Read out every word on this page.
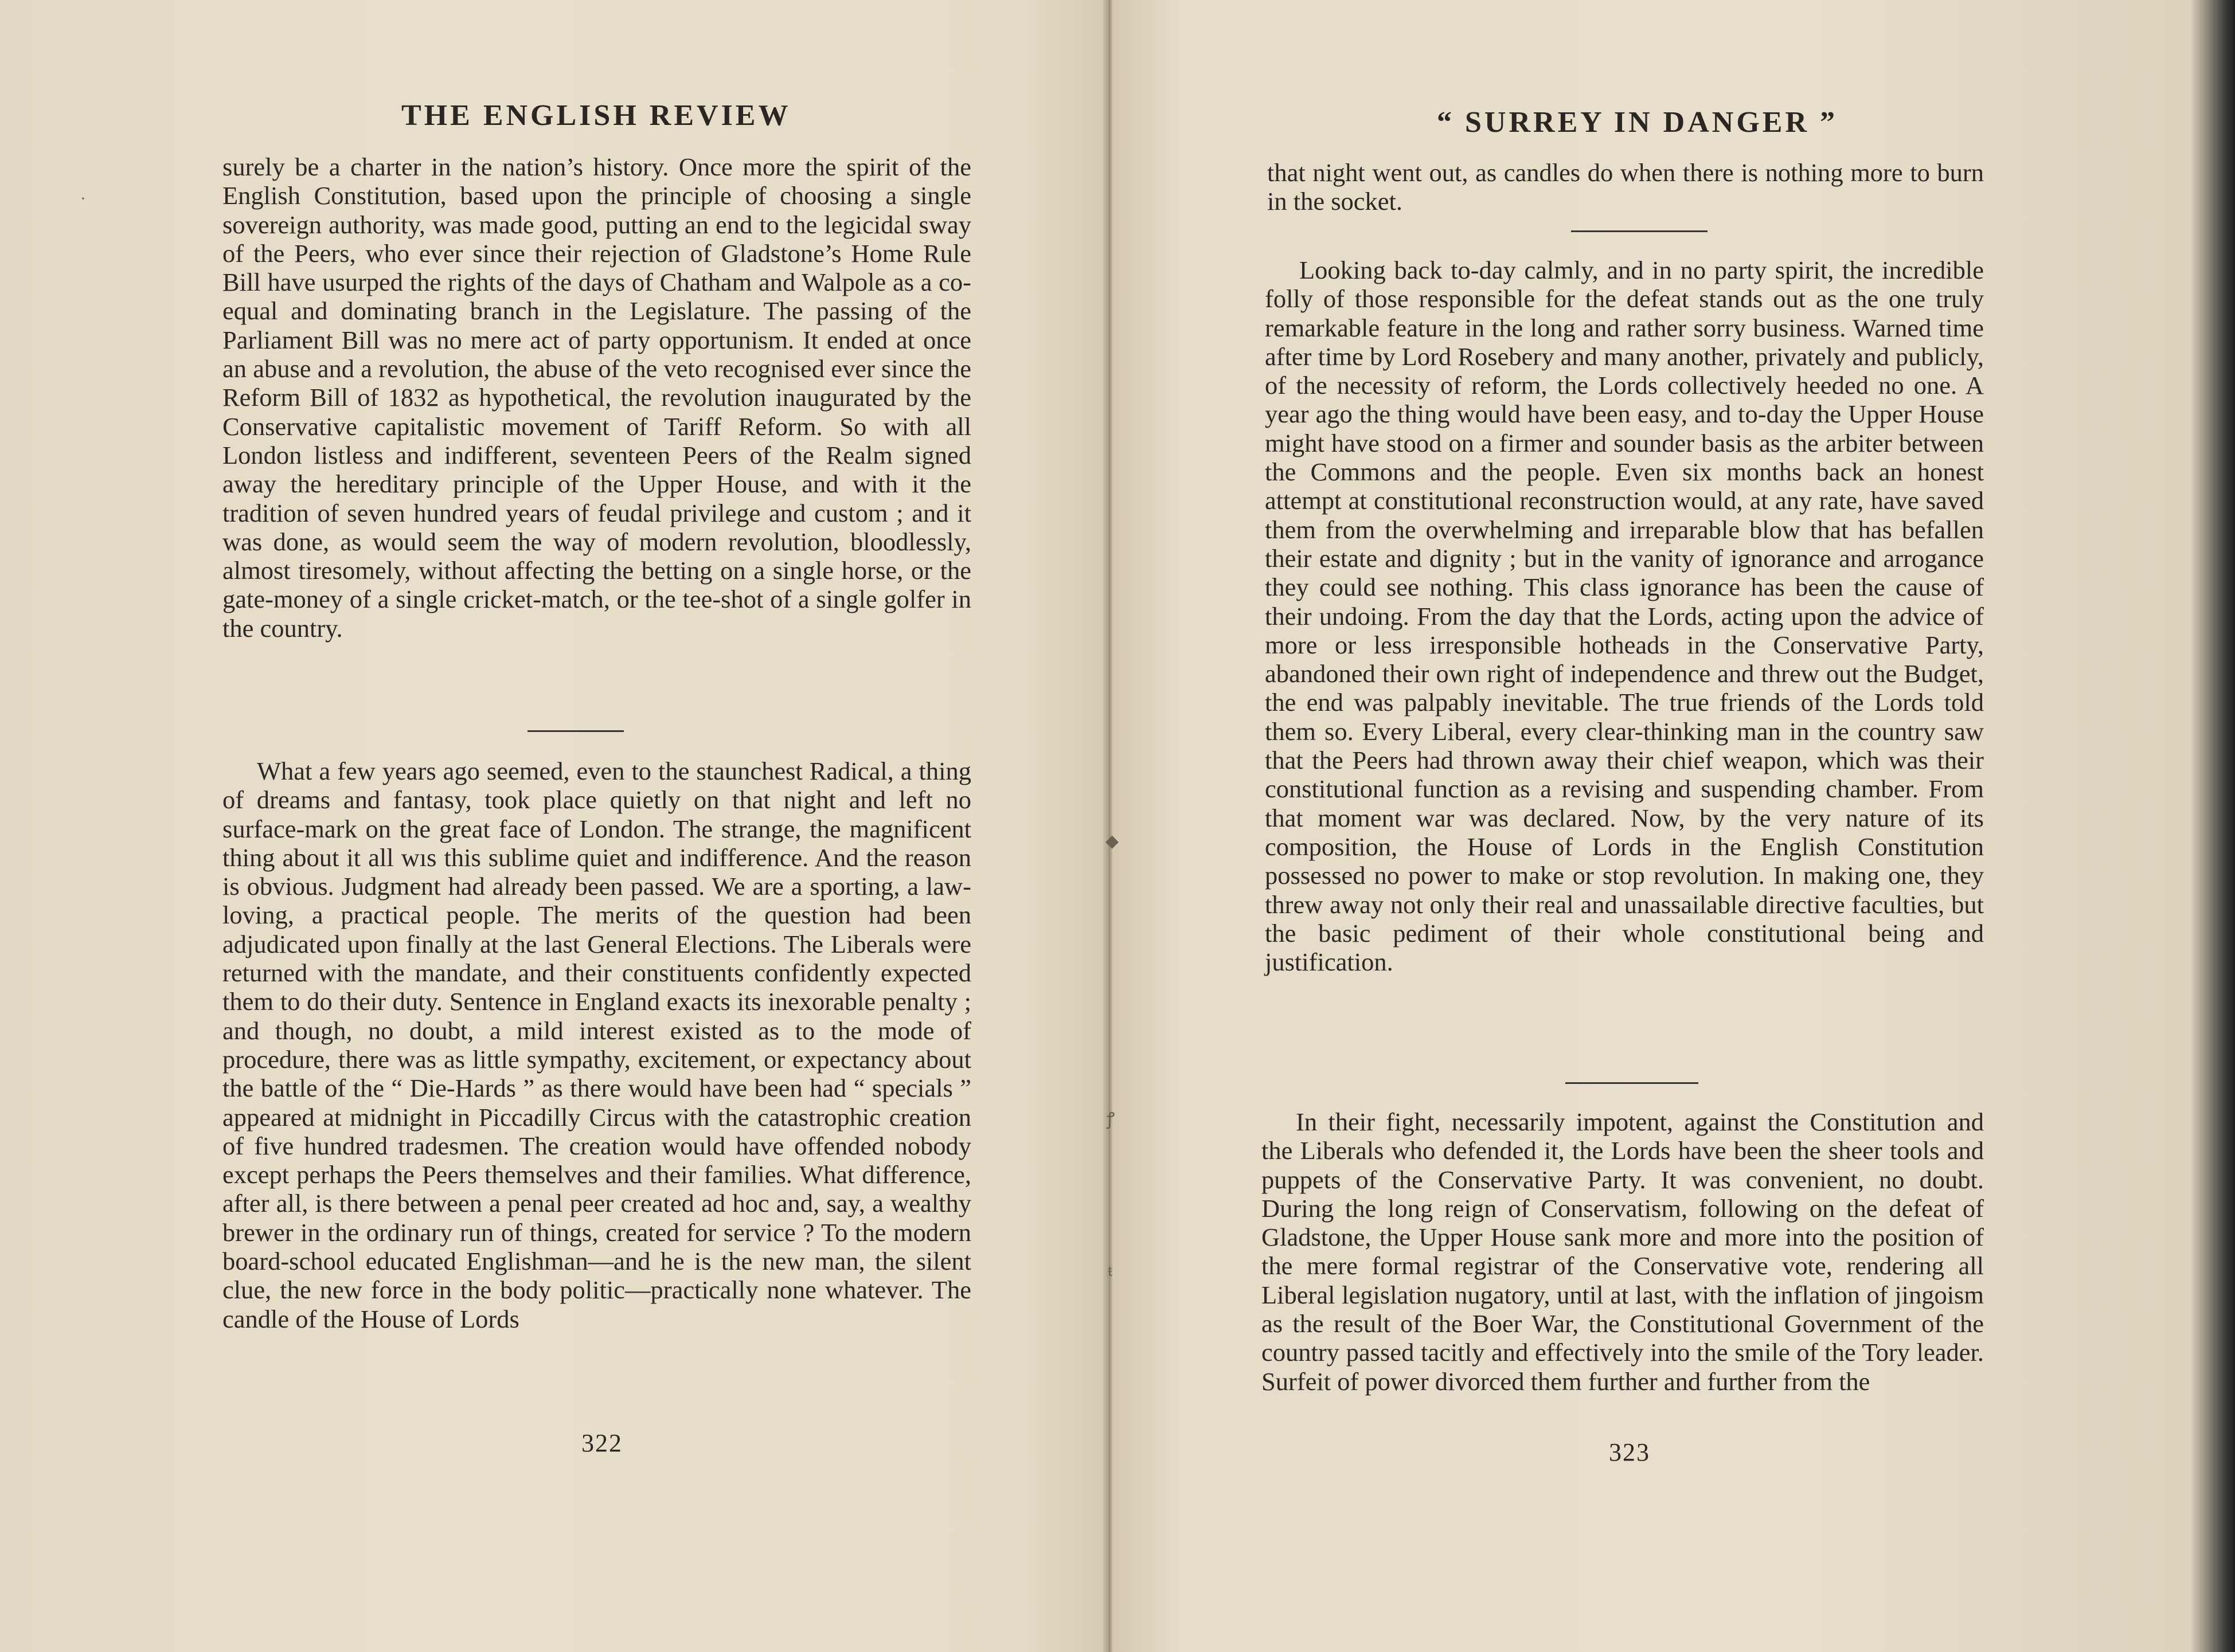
THE ENGLISH REVIEW

surely be a charter in the nation’s history. Once more the spirit of the English Constitution, based upon the principle of choosing a single sovereign authority, was made good, putting an end to the legicidal sway of the Peers, who ever since their rejection of Gladstone’s Home Rule Bill have usurped the rights of the days of Chatham and Walpole as a co-equal and dominating branch in the Legislature. The passing of the Parliament Bill was no mere act of party opportunism. It ended at once an abuse and a revolution, the abuse of the veto recognised ever since the Reform Bill of 1832 as hypothetical, the revolution inaugurated by the Conservative capitalistic movement of Tariff Reform. So with all London listless and indifferent, seventeen Peers of the Realm signed away the hereditary principle of the Upper House, and with it the tradition of seven hundred years of feudal privilege and custom ; and it was done, as would seem the way of modern revolution, bloodlessly, almost tiresomely, without affecting the betting on a single horse, or the gate-money of a single cricket-match, or the tee-shot of a single golfer in the country.

What a few years ago seemed, even to the staunchest Radical, a thing of dreams and fantasy, took place quietly on that night and left no surface-mark on the great face of London. The strange, the magnificent thing about it all wıs this sublime quiet and indifference. And the reason is obvious. Judgment had already been passed. We are a sporting, a law-loving, a practical people. The merits of the question had been adjudicated upon finally at the last General Elections. The Liberals were returned with the mandate, and their constituents confidently expected them to do their duty. Sentence in England exacts its inexorable penalty ; and though, no doubt, a mild interest existed as to the mode of procedure, there was as little sympathy, excitement, or expectancy about the battle of the “ Die-Hards ” as there would have been had “ specials ” appeared at midnight in Piccadilly Circus with the catastrophic creation of five hundred tradesmen. The creation would have offended nobody except perhaps the Peers themselves and their families. What difference, after all, is there between a penal peer created ad hoc and, say, a wealthy brewer in the ordinary run of things, created for service ? To the modern board-school educated Englishman—and he is the new man, the silent clue, the new force in the body politic—practically none whatever. The candle of the House of Lords

322
·
“ SURREY IN DANGER ”

that night went out, as candles do when there is nothing more to burn in the socket.

Looking back to-day calmly, and in no party spirit, the incredible folly of those responsible for the defeat stands out as the one truly remarkable feature in the long and rather sorry business. Warned time after time by Lord Rosebery and many another, privately and publicly, of the necessity of reform, the Lords collectively heeded no one. A year ago the thing would have been easy, and to-day the Upper House might have stood on a firmer and sounder basis as the arbiter between the Commons and the people. Even six months back an honest attempt at constitutional reconstruction would, at any rate, have saved them from the overwhelming and irreparable blow that has befallen their estate and dignity ; but in the vanity of ignorance and arrogance they could see nothing. This class ignorance has been the cause of their undoing. From the day that the Lords, acting upon the advice of more or less irresponsible hotheads in the Conservative Party, abandoned their own right of independence and threw out the Budget, the end was palpably inevitable. The true friends of the Lords told them so. Every Liberal, every clear-thinking man in the country saw that the Peers had thrown away their chief weapon, which was their constitutional function as a revising and suspending chamber. From that moment war was declared. Now, by the very nature of its composition, the House of Lords in the English Constitution possessed no power to make or stop revolution. In making one, they threw away not only their real and unassailable directive faculties, but the basic pediment of their whole constitutional being and justification.

In their fight, necessarily impotent, against the Constitution and the Liberals who defended it, the Lords have been the sheer tools and puppets of the Conservative Party. It was convenient, no doubt. During the long reign of Conservatism, following on the defeat of Gladstone, the Upper House sank more and more into the position of the mere formal registrar of the Conservative vote, rendering all Liberal legislation nugatory, until at last, with the inflation of jingoism as the result of the Boer War, the Constitutional Government of the country passed tacitly and effectively into the smile of the Tory leader. Surfeit of power divorced them further and further from the

323
◆
ꝭ
ŧ
